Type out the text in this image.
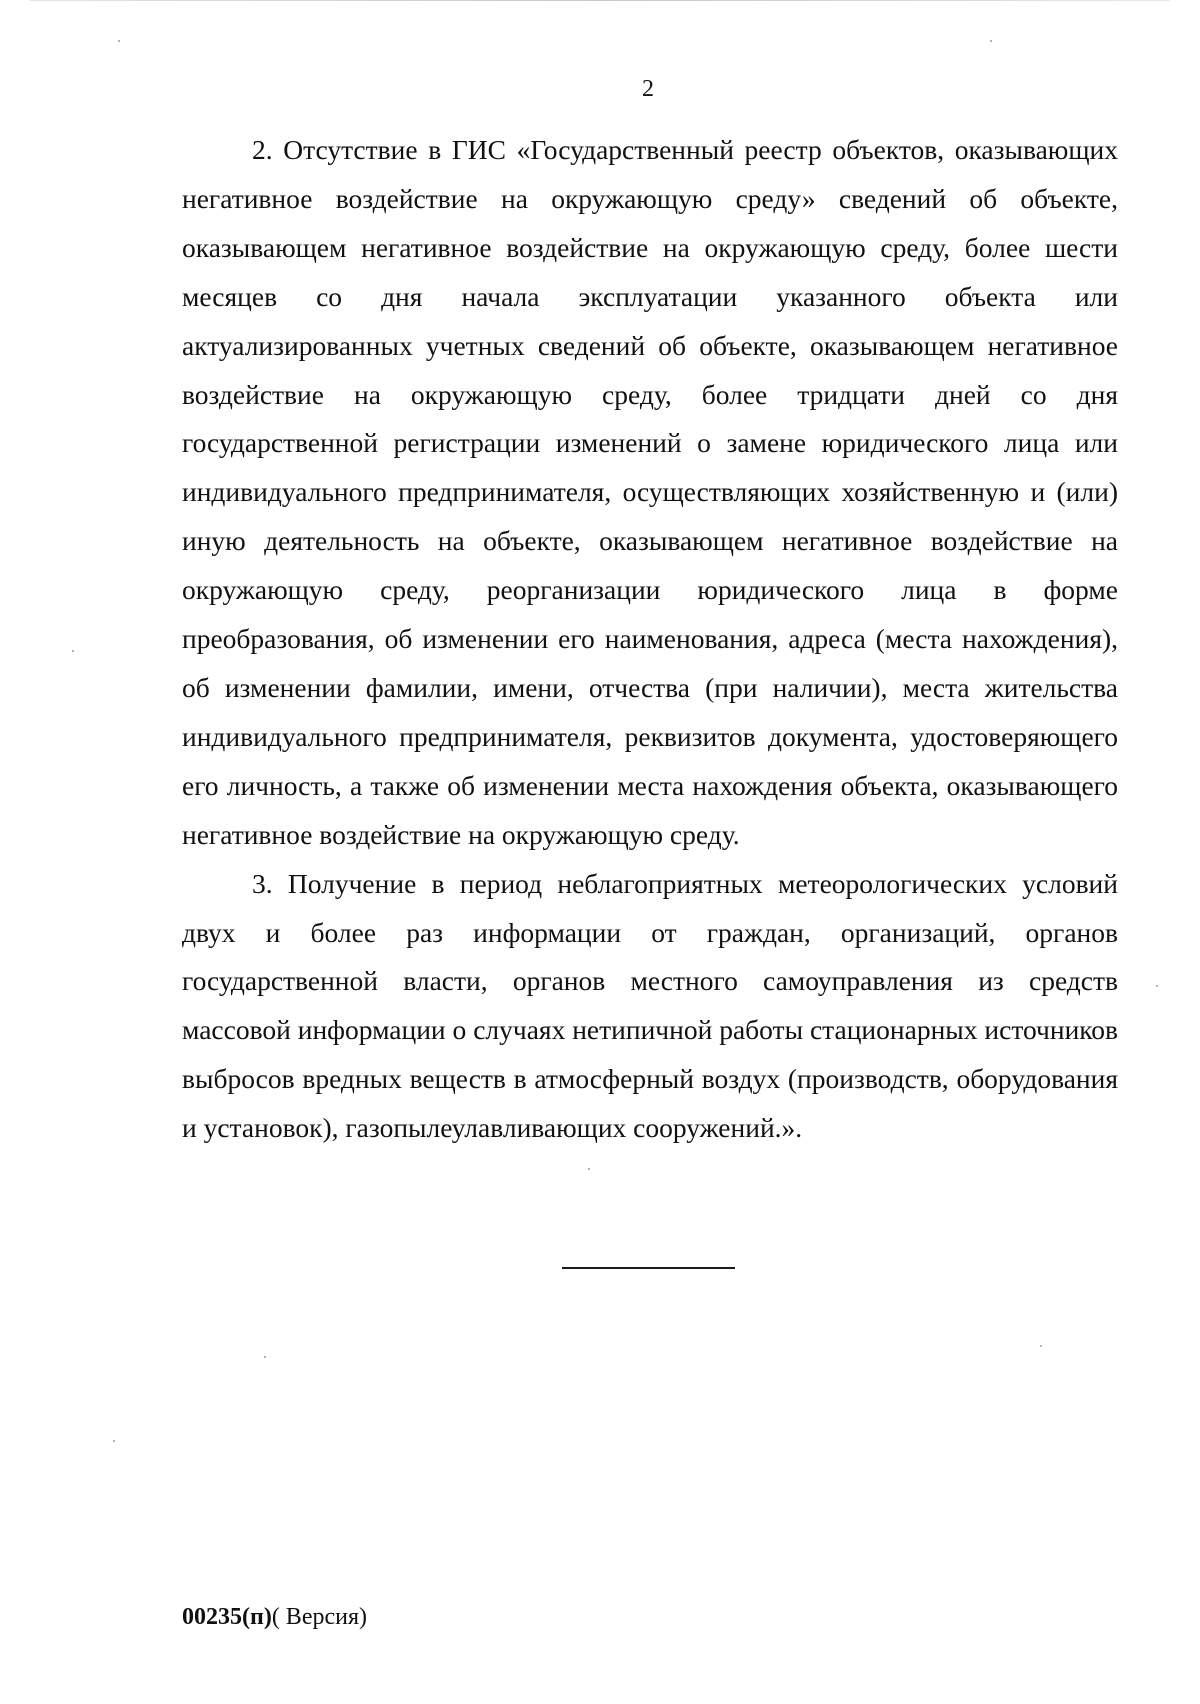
2

2. Отсутствие в ГИС «Государственный реестр объектов, оказывающих негативное воздействие на окружающую среду» сведений об объекте, оказывающем негативное воздействие на окружающую среду, более шести месяцев со дня начала эксплуатации указанного объекта или актуализированных учетных сведений об объекте, оказывающем негативное воздействие на окружающую среду, более тридцати дней со дня государственной регистрации изменений о замене юридического лица или индивидуального предпринимателя, осуществляющих хозяйственную и (или) иную деятельность на объекте, оказывающем негативное воздействие на окружающую среду, реорганизации юридического лица в форме преобразования, об изменении его наименования, адреса (места нахождения), об изменении фамилии, имени, отчества (при наличии), места жительства индивидуального предпринимателя, реквизитов документа, удостоверяющего его личность, а также об изменении места нахождения объекта, оказывающего негативное воздействие на окружающую среду.

3. Получение в период неблагоприятных метеорологических условий двух и более раз информации от граждан, организаций, органов государственной власти, органов местного самоуправления из средств массовой информации о случаях нетипичной работы стационарных источников выбросов вредных веществ в атмосферный воздух (производств, оборудования и установок), газопылеулавливающих сооружений.».

00235(п)( Версия)
